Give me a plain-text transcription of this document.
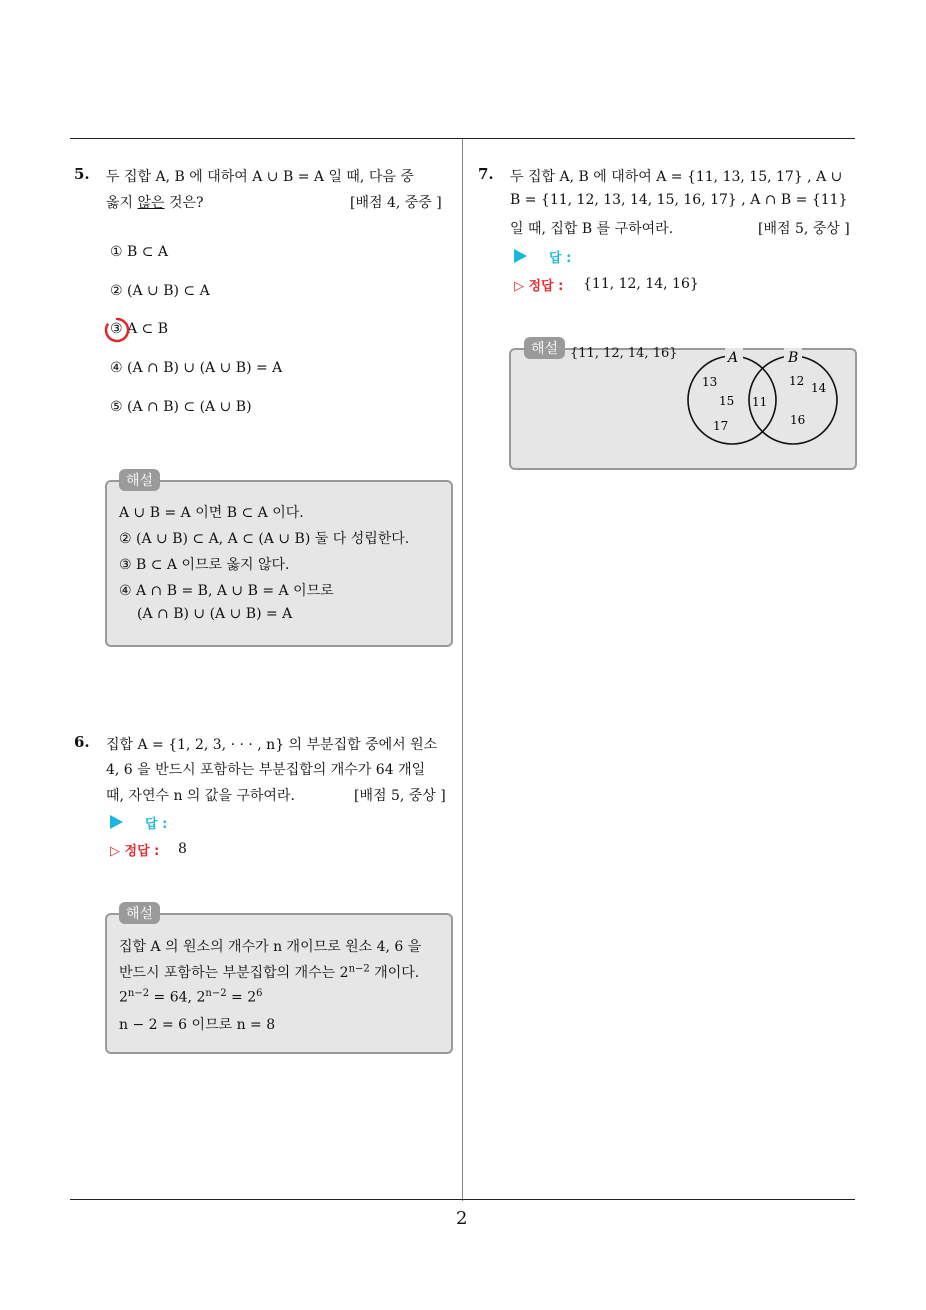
2
5. 두 집합 A, B 에 대하여 A ∪ B = A 일 때, 다음 중
옳지 않은 것은?	[배점 4, 중중 ]
① B ⊂ A
② (A ∪ B) ⊂ A
③ A ⊂ B
④ (A ∩ B) ∪ (A ∪ B) = A
⑤ (A ∩ B) ⊂ (A ∪ B)
해설
A ∪ B = A 이면 B ⊂ A 이다.
② (A ∪ B) ⊂ A, A ⊂ (A ∪ B) 둘 다 성립한다.
③ B ⊂ A 이므로 옳지 않다.
④ A ∩ B = B, A ∪ B = A 이므로
(A ∩ B) ∪ (A ∪ B) = A
6. 집합 A = {1, 2, 3, · · · , n} 의 부분집합 중에서 원소
4, 6 을 반드시 포함하는 부분집합의 개수가 64 개일
때, 자연수 n 의 값을 구하여라.	[배점 5, 중상 ]
답 :
▷ 정답 : 8
해설
집합 A 의 원소의 개수가 n 개이므로 원소 4, 6 을
반드시 포함하는 부분집합의 개수는 $2^{n-2}$ 개이다.
$2^{n-2} = 64$, $2^{n-2} = 2^6$
n − 2 = 6 이므로 n = 8
7. 두 집합 A, B 에 대하여 A = {11, 13, 15, 17} , A ∪
B = {11, 12, 13, 14, 15, 16, 17} , A ∩ B = {11}
일 때, 집합 B 를 구하여라.	[배점 5, 중상 ]
답 :
▷ 정답 : {11, 12, 14, 16}
해설 {11, 12, 14, 16}	A	B
13
15
17
11
12 14
16
